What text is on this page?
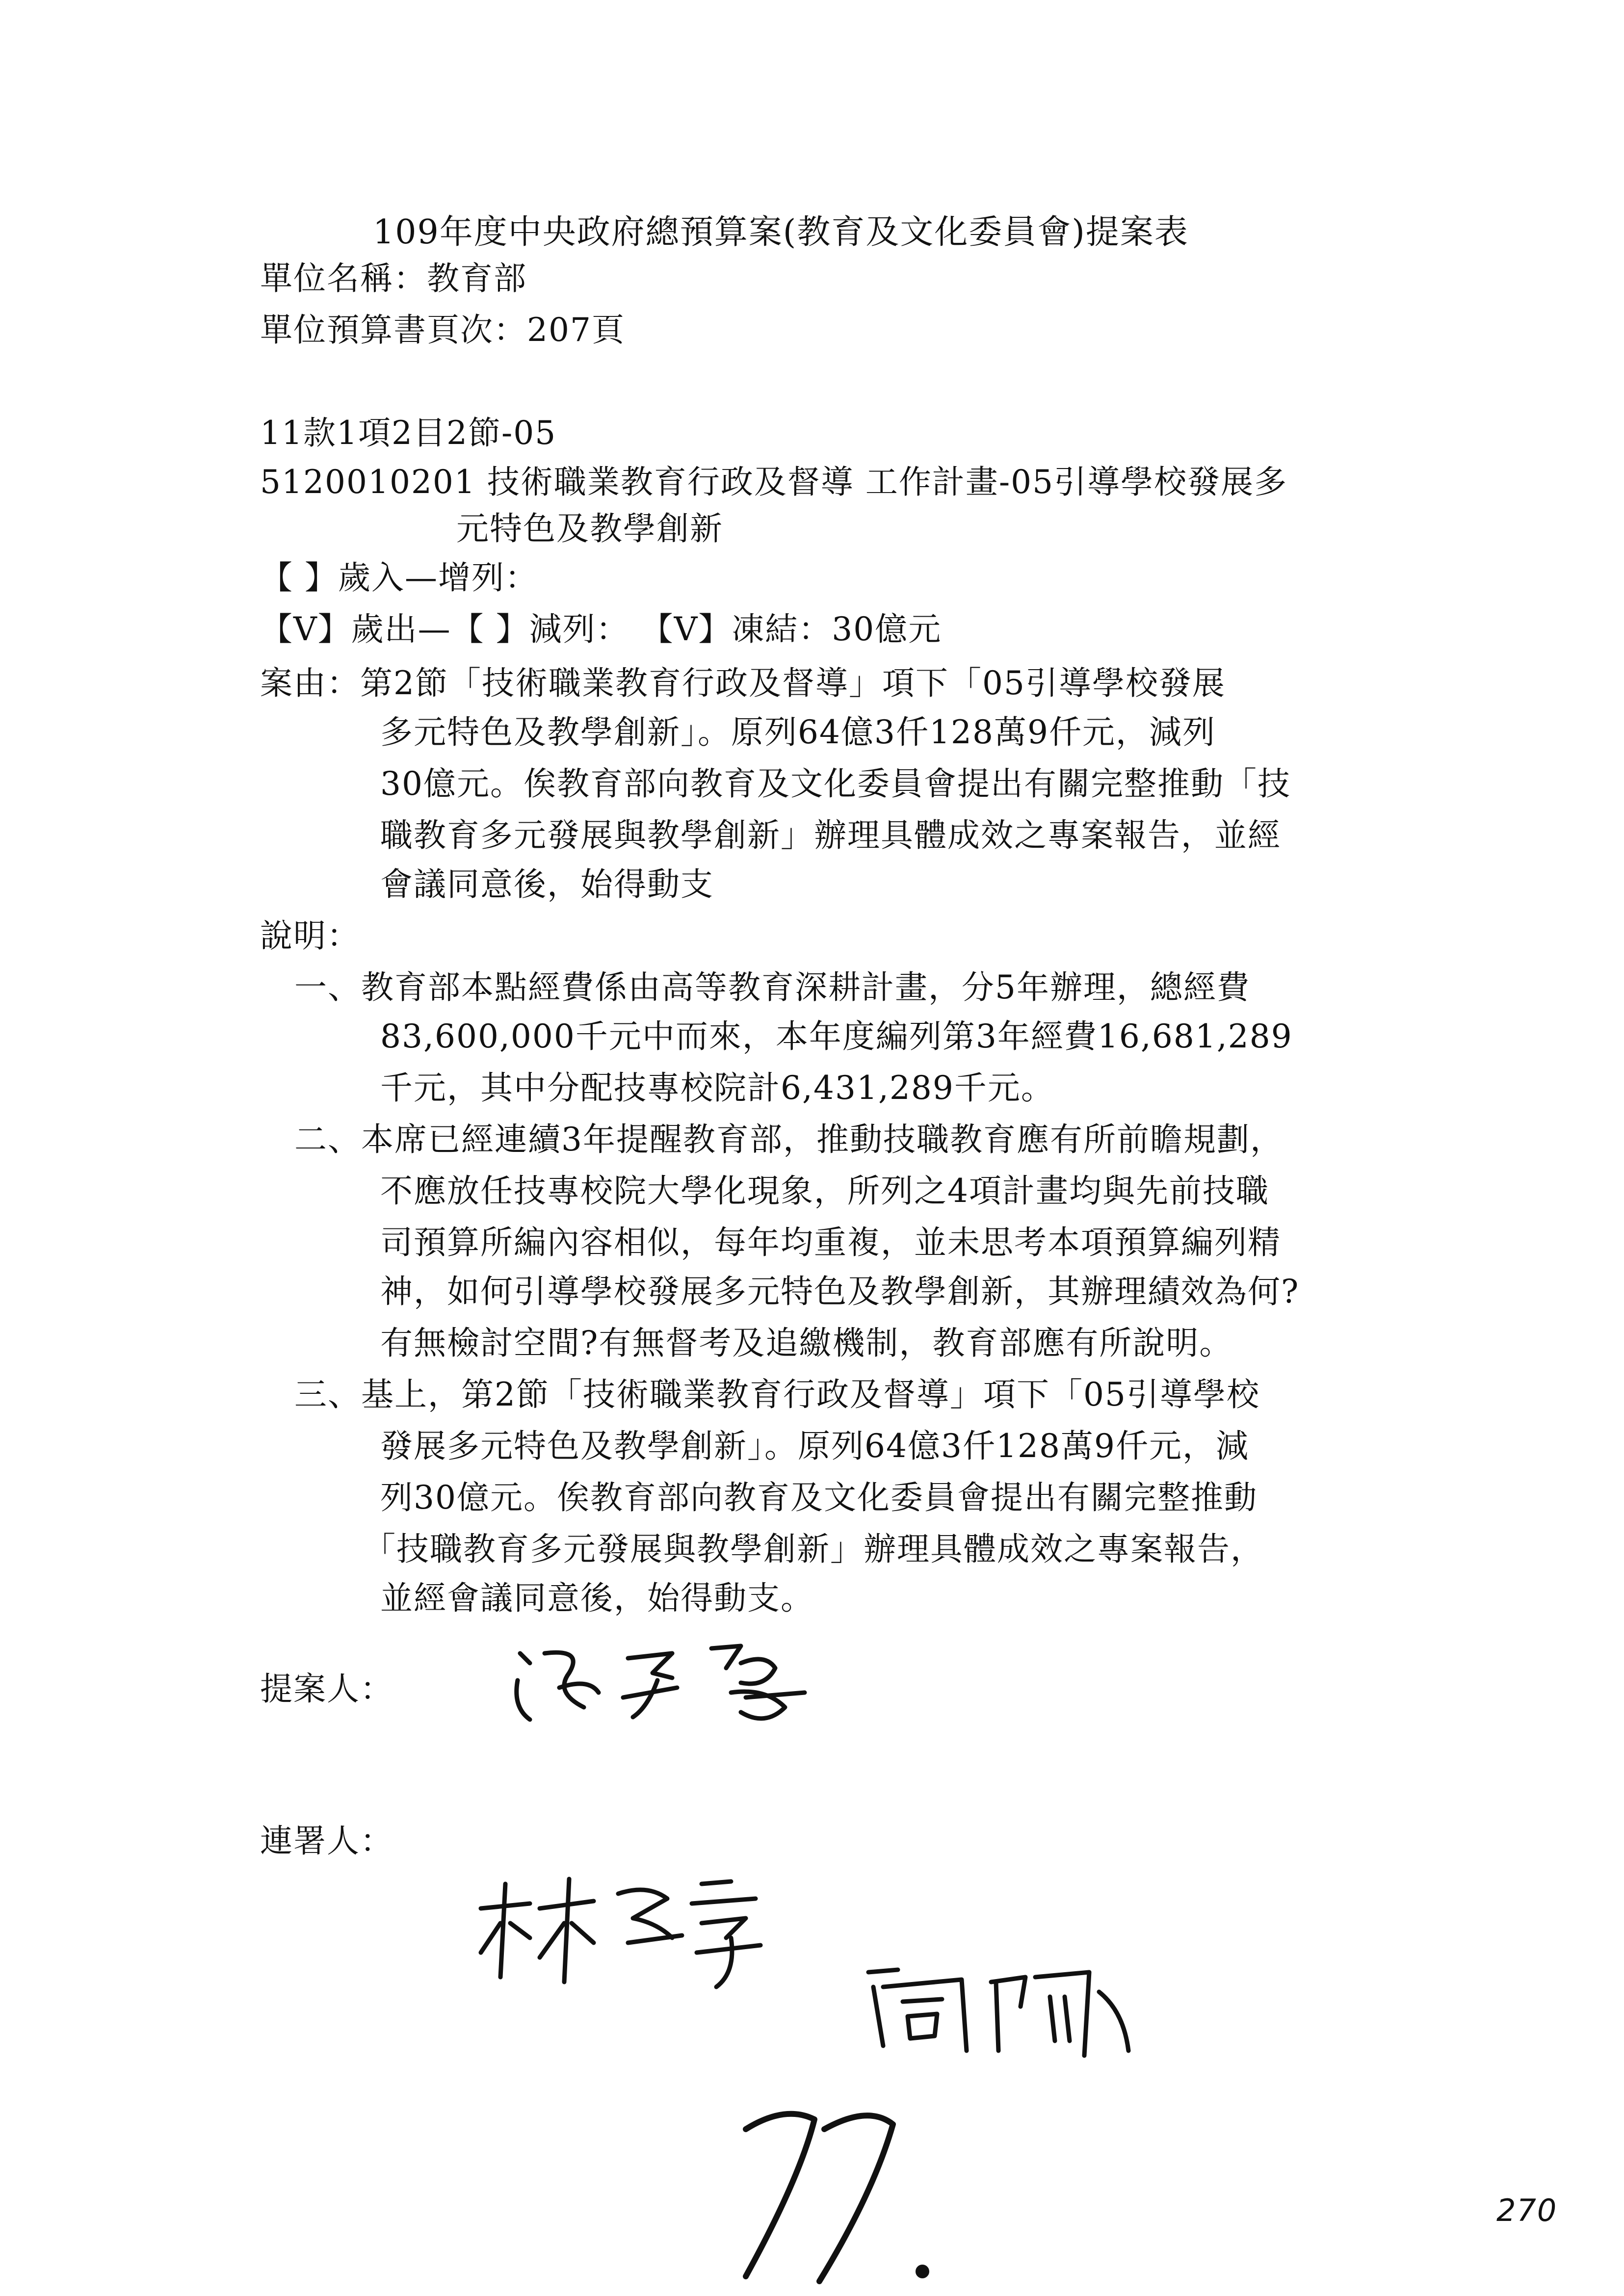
109年度中央政府總預算案(教育及文化委員會)提案表
單位名稱：教育部
單位預算書頁次：207頁
11款1項2目2節-05
5120010201 技術職業教育行政及督導 工作計畫-05引導學校發展多
元特色及教學創新
【 】歲入—增列：
【V】歲出—【 】減列： 【V】凍結：30億元
案由：第2節「技術職業教育行政及督導」項下「05引導學校發展
多元特色及教學創新」。原列64億3仟128萬9仟元，減列
30億元。俟教育部向教育及文化委員會提出有關完整推動「技
職教育多元發展與教學創新」辦理具體成效之專案報告，並經
會議同意後，始得動支
說明：
一、教育部本點經費係由高等教育深耕計畫，分5年辦理，總經費
83,600,000千元中而來，本年度編列第3年經費16,681,289
千元，其中分配技專校院計6,431,289千元。
二、本席已經連續3年提醒教育部，推動技職教育應有所前瞻規劃，
不應放任技專校院大學化現象，所列之4項計畫均與先前技職
司預算所編內容相似，每年均重複，並未思考本項預算編列精
神，如何引導學校發展多元特色及教學創新，其辦理績效為何?
有無檢討空間?有無督考及追繳機制，教育部應有所說明。
三、基上，第2節「技術職業教育行政及督導」項下「05引導學校
發展多元特色及教學創新」。原列64億3仟128萬9仟元，減
列30億元。俟教育部向教育及文化委員會提出有關完整推動
「技職教育多元發展與教學創新」辦理具體成效之專案報告，
並經會議同意後，始得動支。
提案人：
連署人：
270
